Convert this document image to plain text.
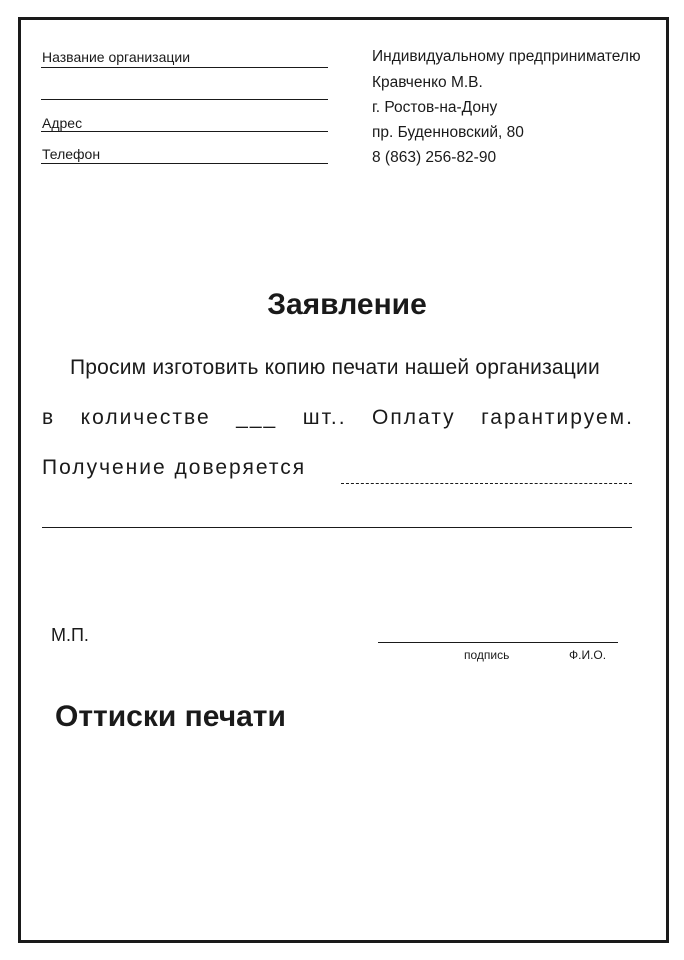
Название организации
Адрес
Телефон
Индивидуальному предпринимателю
Кравченко М.В.
г. Ростов-на-Дону
пр. Буденновский, 80
8 (863) 256-82-90
Заявление
Просим изготовить копию печати нашей организации
в количестве ___ шт.. Оплату гарантируем.
Получение доверяется
М.П.
подпись	Ф.И.О.
Оттиски печати
